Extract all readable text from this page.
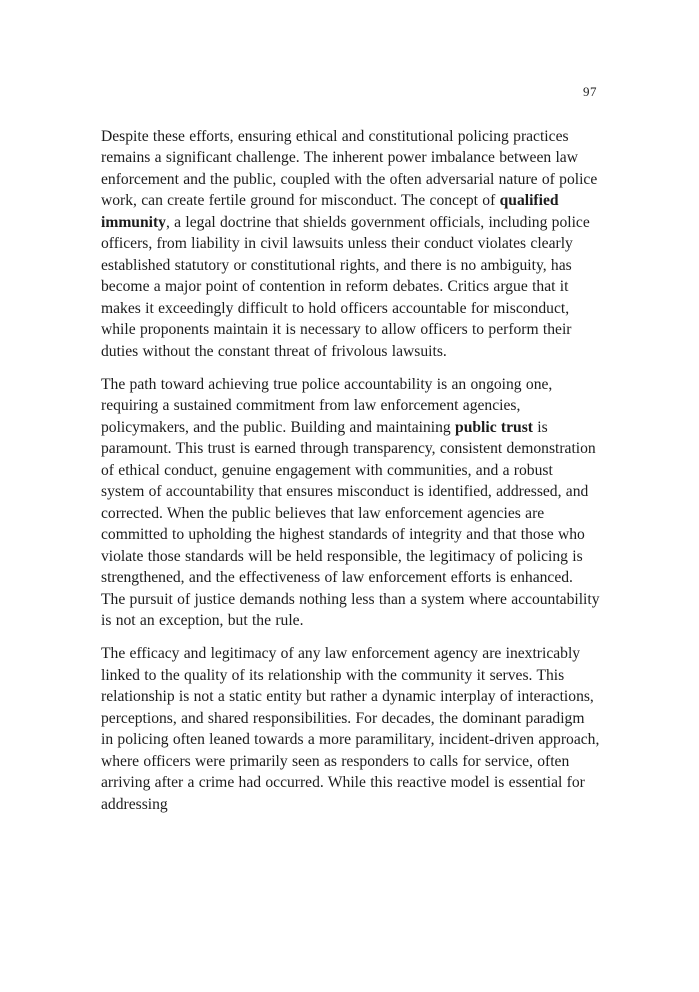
97

Despite these efforts, ensuring ethical and constitutional policing practices remains a significant challenge. The inherent power imbalance between law enforcement and the public, coupled with the often adversarial nature of police work, can create fertile ground for misconduct. The concept of qualified immunity, a legal doctrine that shields government officials, including police officers, from liability in civil lawsuits unless their conduct violates clearly established statutory or constitutional rights, and there is no ambiguity, has become a major point of contention in reform debates. Critics argue that it makes it exceedingly difficult to hold officers accountable for misconduct, while proponents maintain it is necessary to allow officers to perform their duties without the constant threat of frivolous lawsuits.

The path toward achieving true police accountability is an ongoing one, requiring a sustained commitment from law enforcement agencies, policymakers, and the public. Building and maintaining public trust is paramount. This trust is earned through transparency, consistent demonstration of ethical conduct, genuine engagement with communities, and a robust system of accountability that ensures misconduct is identified, addressed, and corrected. When the public believes that law enforcement agencies are committed to upholding the highest standards of integrity and that those who violate those standards will be held responsible, the legitimacy of policing is strengthened, and the effectiveness of law enforcement efforts is enhanced. The pursuit of justice demands nothing less than a system where accountability is not an exception, but the rule.

The efficacy and legitimacy of any law enforcement agency are inextricably linked to the quality of its relationship with the community it serves. This relationship is not a static entity but rather a dynamic interplay of interactions, perceptions, and shared responsibilities. For decades, the dominant paradigm in policing often leaned towards a more paramilitary, incident-driven approach, where officers were primarily seen as responders to calls for service, often arriving after a crime had occurred. While this reactive model is essential for addressing
